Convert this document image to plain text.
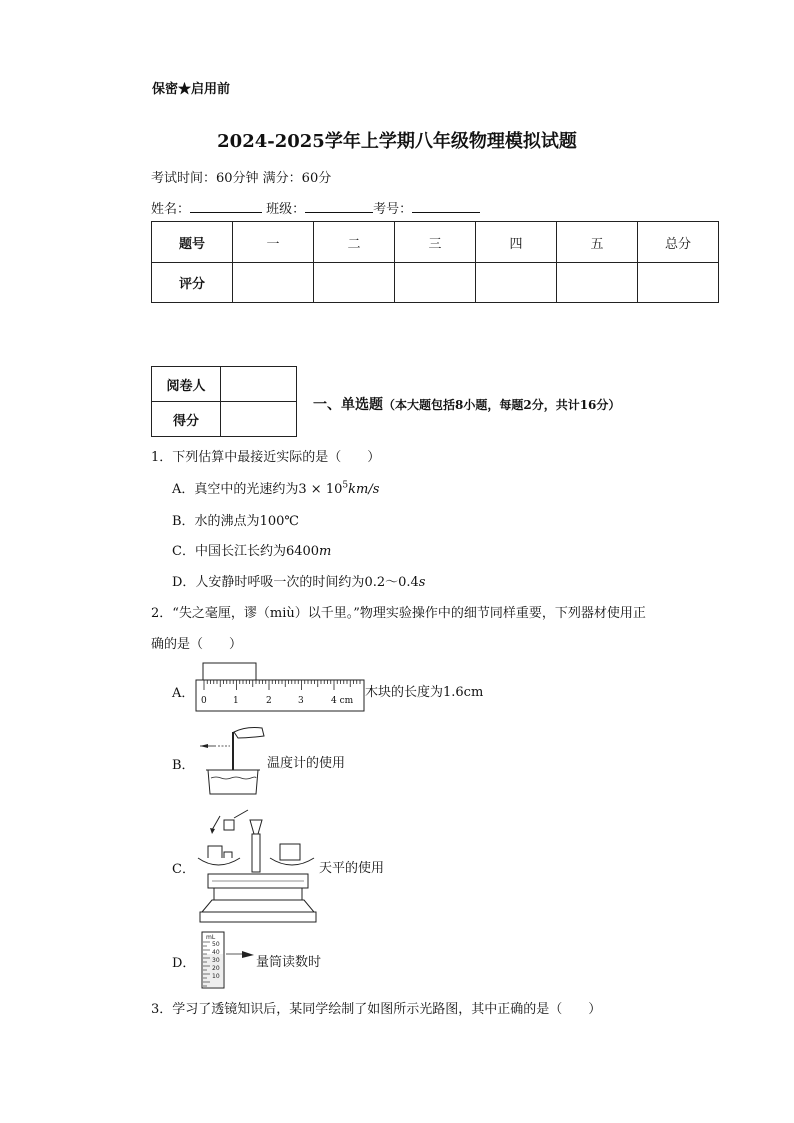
保密★启用前
2024-2025学年上学期八年级物理模拟试题
考试时间：60分钟 满分：60分
姓名：	班级：	考号：
题号	一	二	三	四	五	总分
评分						
阅卷人	
得分	
一、单选题（本大题包括8小题，每题2分，共计16分）
1．下列估算中最接近实际的是（　　）
A．真空中的光速约为$3 \times 10^5km/s$
B．水的沸点为100℃
C．中国长江长约为6400m
D．人安静时呼吸一次的时间约为0.2～0.4s
2．“失之毫厘，谬（miù）以千里。”物理实验操作中的细节同样重要，下列器材使用正
确的是（　　）
A． 0	1	2	3	4 cm
木块的长度为1.6cm
B．	温度计的使用
C．	天平的使用
D．
mL
50
40
30
20
10
量筒读数时
3．学习了透镜知识后，某同学绘制了如图所示光路图，其中正确的是（　　）
